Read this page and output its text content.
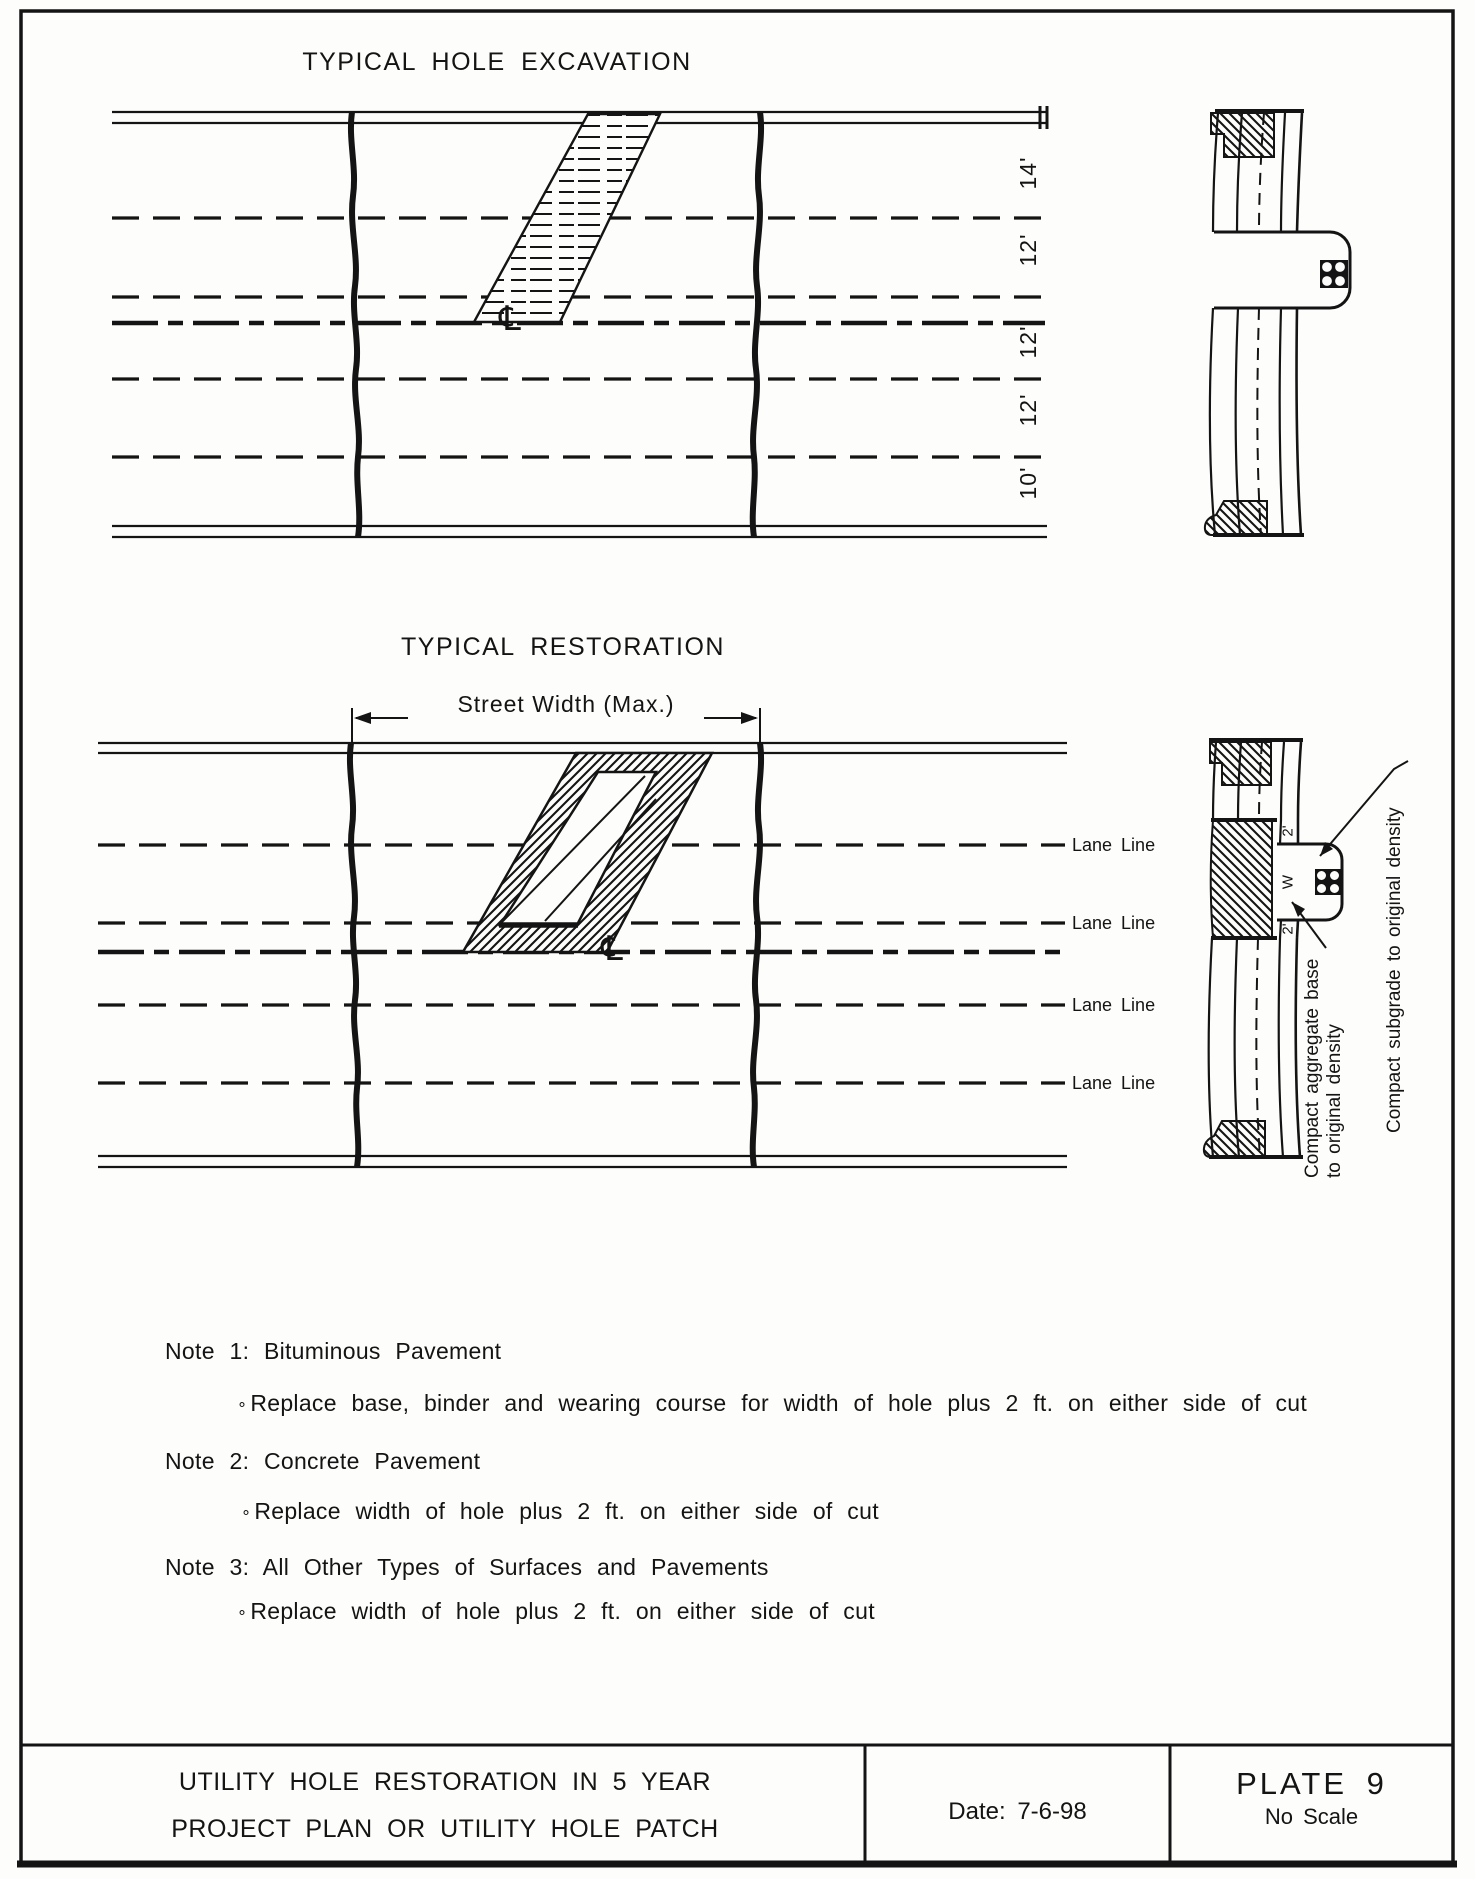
TYPICAL HOLE EXCAVATION
℄
14'
12'
12'
12'
10'
TYPICAL RESTORATION
Street Width (Max.)
Lane Line
Lane Line
Lane Line
Lane Line
℄
2'
W
2'
Compact aggregate base to original density Compact subgrade to original density
Note 1: Bituminous Pavement
∘ Replace base, binder and wearing course for width of hole plus 2 ft. on either side of cut
Note 2: Concrete Pavement
∘ Replace width of hole plus 2 ft. on either side of cut
Note 3: All Other Types of Surfaces and Pavements
∘ Replace width of hole plus 2 ft. on either side of cut
UTILITY HOLE RESTORATION IN 5 YEAR
PROJECT PLAN OR UTILITY HOLE PATCH
Date: 7-6-98
PLATE 9
No Scale
